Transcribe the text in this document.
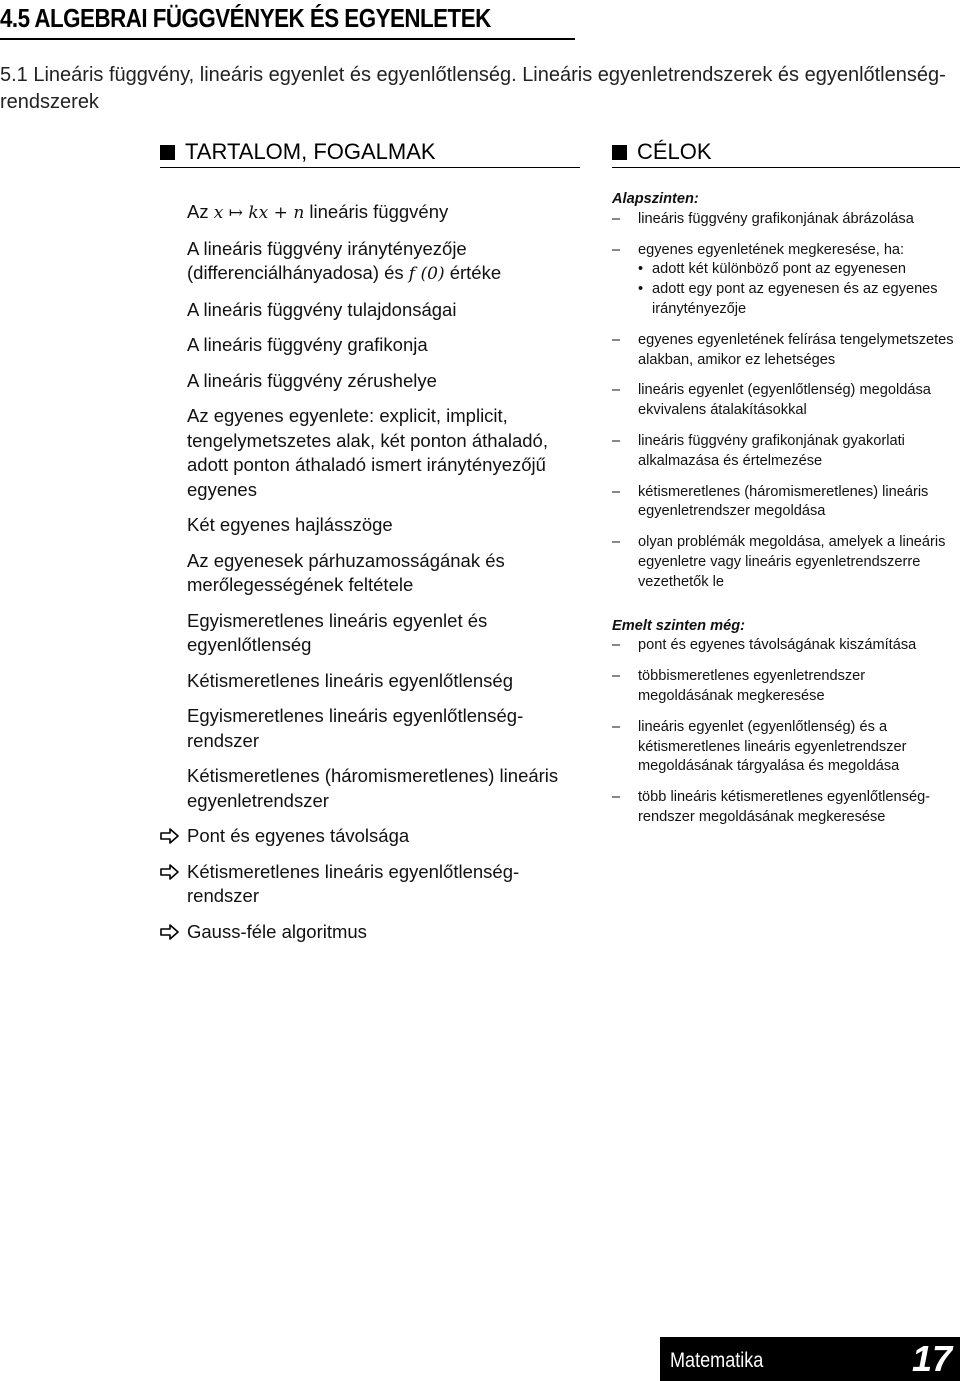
4.5 ALGEBRAI FÜGGVÉNYEK ÉS EGYENLETEK
5.1 Lineáris függvény, lineáris egyenlet és egyenlőtlenség. Lineáris egyenletrendszerek és egyenlőtlenség-rendszerek
TARTALOM, FOGALMAK	CÉLOK
Az x ↦ kx + n lineáris függvény
A lineáris függvény iránytényezője (differenciálhányadosa) és f (0) értéke
A lineáris függvény tulajdonságai
A lineáris függvény grafikonja
A lineáris függvény zérushelye
Az egyenes egyenlete: explicit, implicit, tengelymetszetes alak, két ponton áthaladó, adott ponton áthaladó ismert iránytényezőjű egyenes
Két egyenes hajlásszöge
Az egyenesek párhuzamosságának és merőlegességének feltétele
Egyismeretlenes lineáris egyenlet és egyenlőtlenség
Kétismeretlenes lineáris egyenlőtlenség
Egyismeretlenes lineáris egyenlőtlenség-rendszer
Kétismeretlenes (háromismeretlenes) lineáris egyenletrendszer
Pont és egyenes távolsága
Kétismeretlenes lineáris egyenlőtlenség-rendszer
Gauss-féle algoritmus

Alapszinten:

– lineáris függvény grafikonjának ábrázolása
– egyenes egyenletének megkeresése, ha:
• adott két különböző pont az egyenesen
• adott egy pont az egyenesen és az egyenes iránytényezője
– egyenes egyenletének felírása tengelymetszetes alakban, amikor ez lehetséges
– lineáris egyenlet (egyenlőtlenség) megoldása ekvivalens átalakításokkal
– lineáris függvény grafikonjának gyakorlati alkalmazása és értelmezése
– kétismeretlenes (háromismeretlenes) lineáris egyenletrendszer megoldása
– olyan problémák megoldása, amelyek a lineáris egyenletre vagy lineáris egyenletrendszerre vezethetők le

Emelt szinten még:

– pont és egyenes távolságának kiszámítása
– többismeretlenes egyenletrendszer megoldásának megkeresése
– lineáris egyenlet (egyenlőtlenség) és a kétismeretlenes lineáris egyenletrendszer megoldásának tárgyalása és megoldása
– több lineáris kétismeretlenes egyenlőtlenség-rendszer megoldásának megkeresése
Matematika	17
